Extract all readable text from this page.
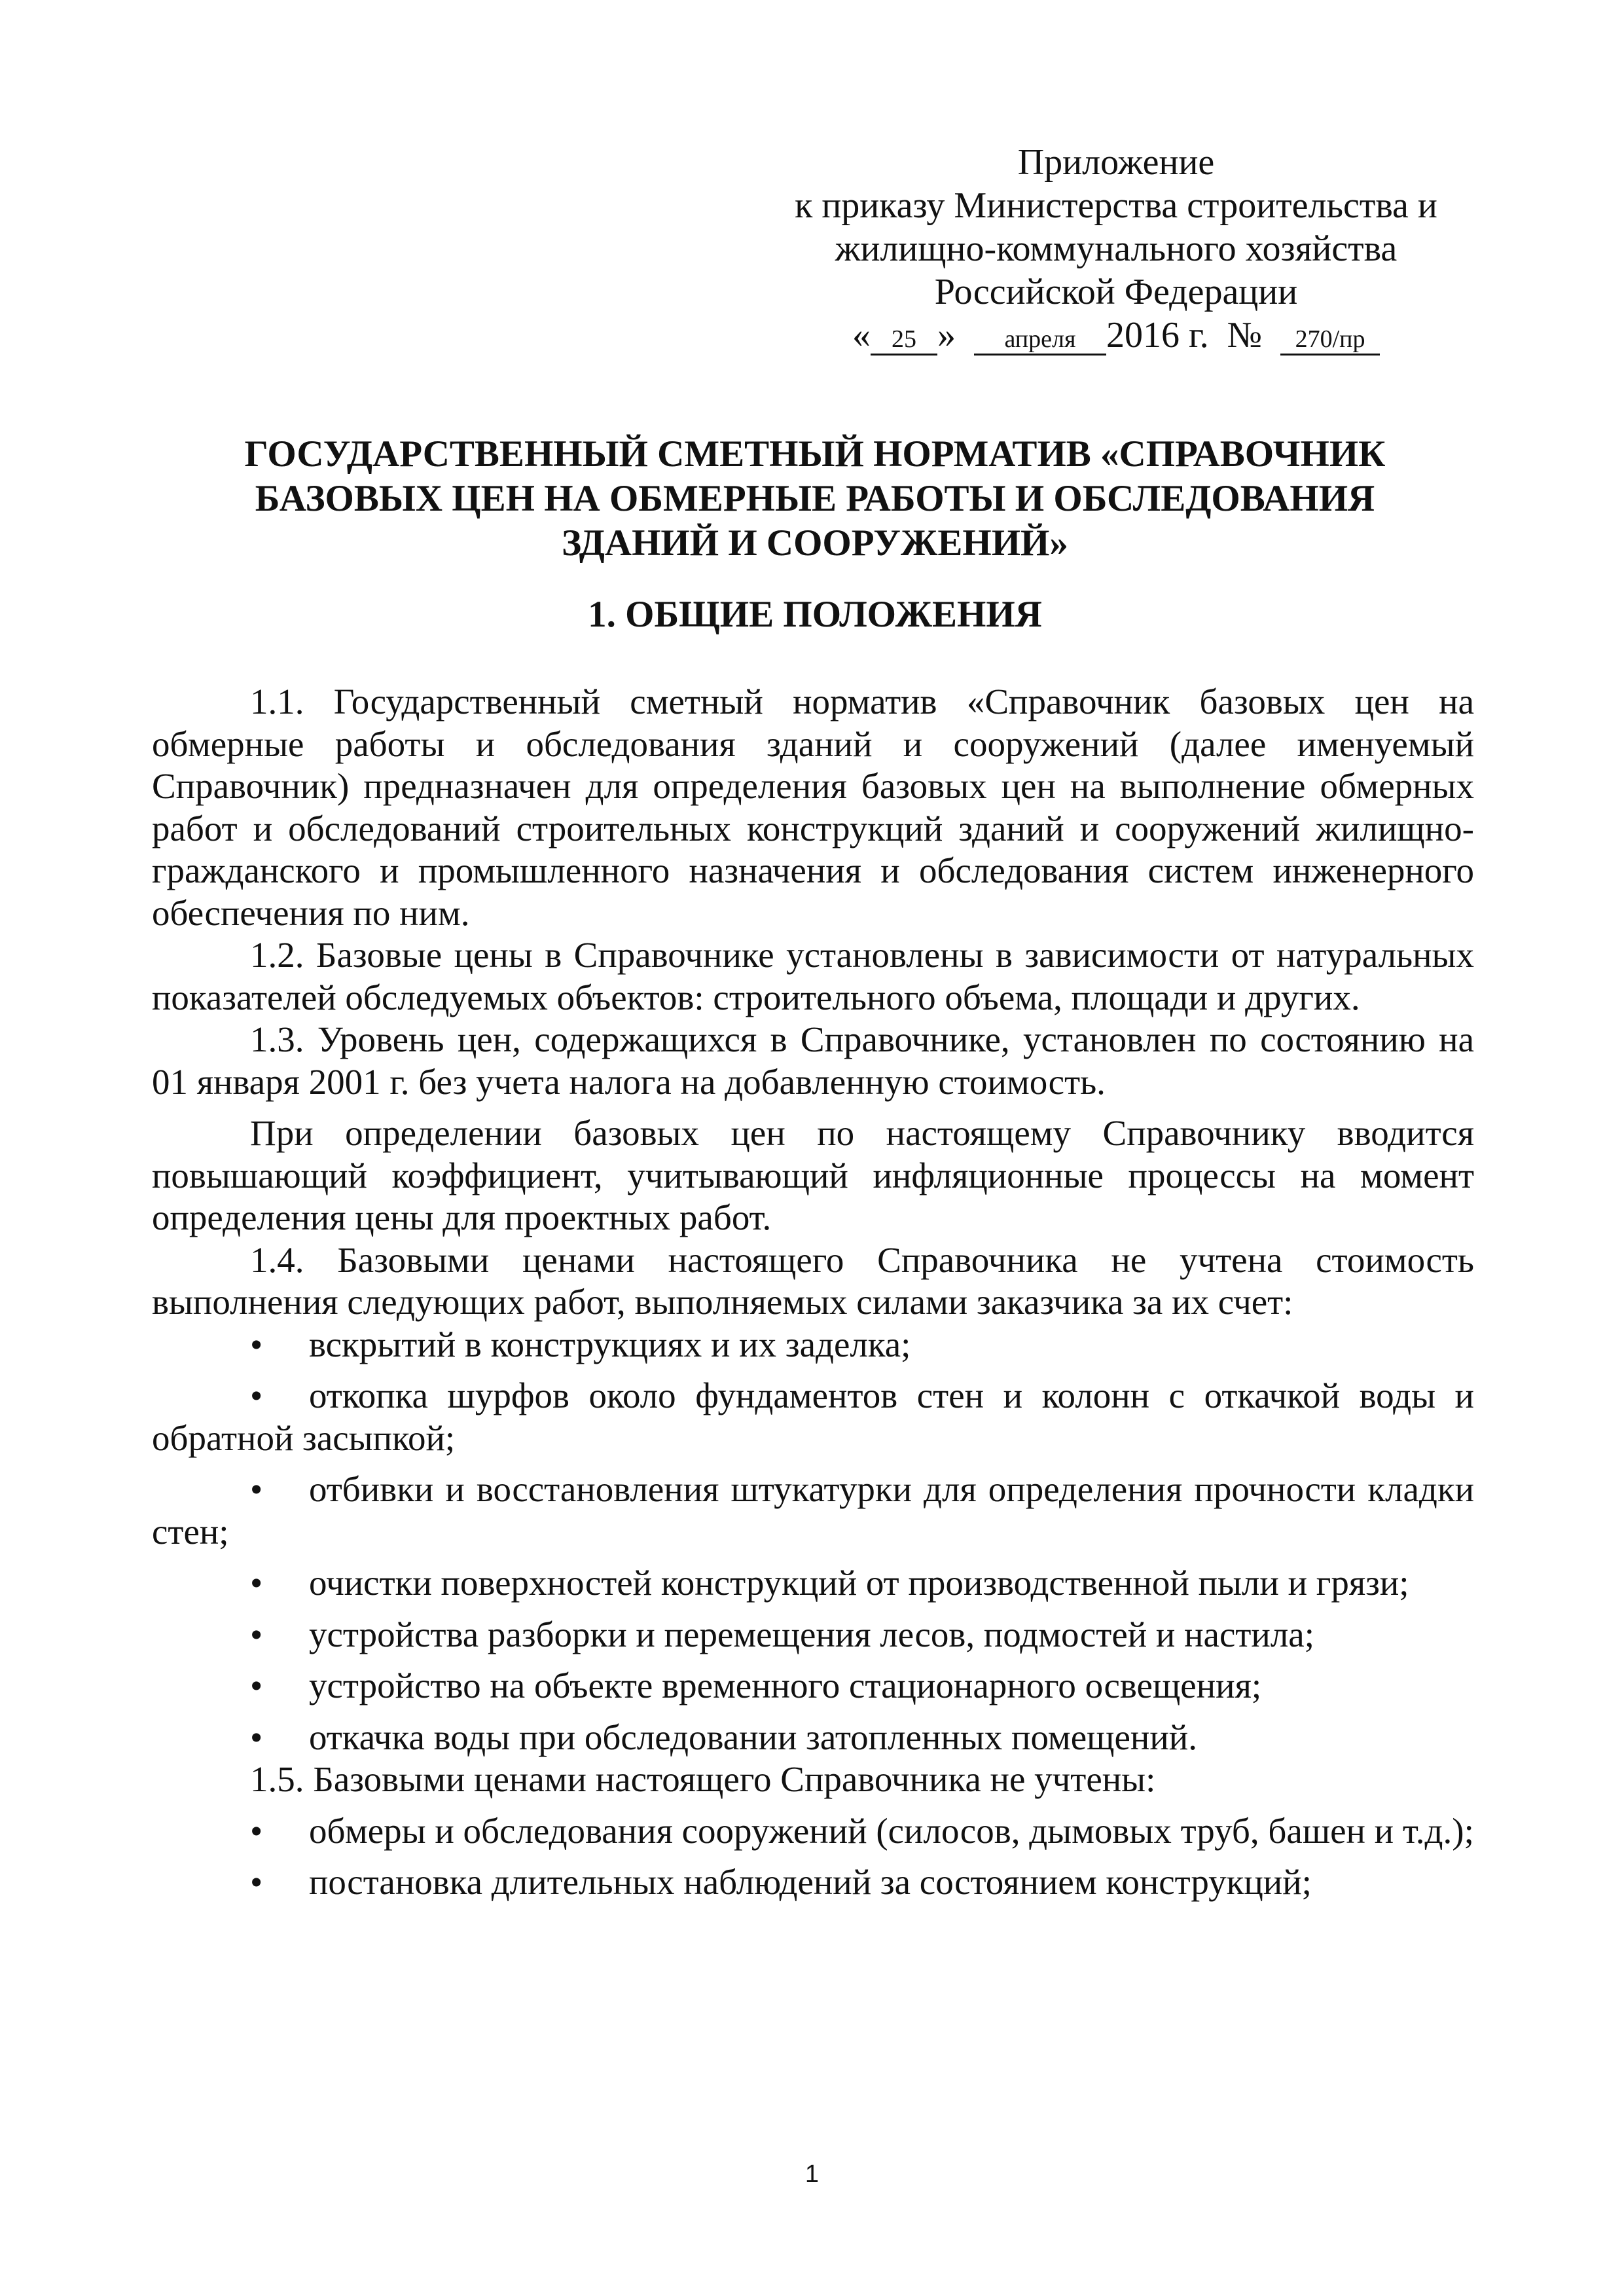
Приложение
к приказу Министерства строительства и
жилищно-коммунального хозяйства
Российской Федерации
« 25 » апреля 2016 г. № 270/пр
ГОСУДАРСТВЕННЫЙ СМЕТНЫЙ НОРМАТИВ «СПРАВОЧНИК
БАЗОВЫХ ЦЕН НА ОБМЕРНЫЕ РАБОТЫ И ОБСЛЕДОВАНИЯ
ЗДАНИЙ И СООРУЖЕНИЙ»
1. ОБЩИЕ ПОЛОЖЕНИЯ

1.1. Государственный сметный норматив «Справочник базовых цен на обмерные работы и обследования зданий и сооружений (далее именуемый Справочник) предназначен для определения базовых цен на выполнение обмерных работ и обследований строительных конструкций зданий и сооружений жилищно-гражданского и промышленного назначения и обследования систем инженерного обеспечения по ним.

1.2. Базовые цены в Справочнике установлены в зависимости от натуральных показателей обследуемых объектов: строительного объема, площади и других.

1.3. Уровень цен, содержащихся в Справочнике, установлен по состоянию на 01 января 2001 г. без учета налога на добавленную стоимость.

При определении базовых цен по настоящему Справочнику вводится повышающий коэффициент, учитывающий инфляционные процессы на момент определения цены для проектных работ.

1.4. Базовыми ценами настоящего Справочника не учтена стоимость выполнения следующих работ, выполняемых силами заказчика за их счет:

• вскрытий в конструкциях и их заделка;
• откопка шурфов около фундаментов стен и колонн с откачкой воды и обратной засыпкой;
• отбивки и восстановления штукатурки для определения прочности кладки стен;
• очистки поверхностей конструкций от производственной пыли и грязи;
• устройства разборки и перемещения лесов, подмостей и настила;
• устройство на объекте временного стационарного освещения;
• откачка воды при обследовании затопленных помещений.

1.5. Базовыми ценами настоящего Справочника не учтены:

• обмеры и обследования сооружений (силосов, дымовых труб, башен и т.д.);
• постановка длительных наблюдений за состоянием конструкций;
1
